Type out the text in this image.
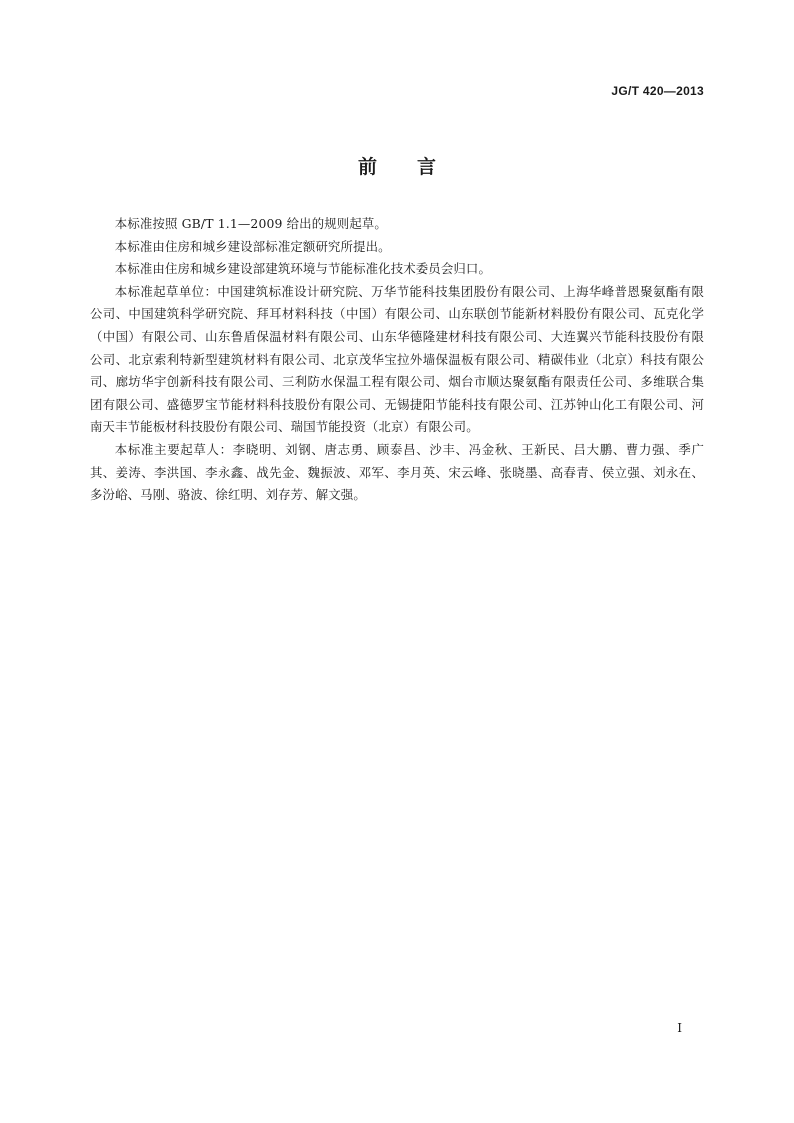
JG/T 420—2013
前言

本标准按照 GB/T 1.1—2009 给出的规则起草。

本标准由住房和城乡建设部标准定额研究所提出。

本标准由住房和城乡建设部建筑环境与节能标准化技术委员会归口。

本标准起草单位：中国建筑标准设计研究院、万华节能科技集团股份有限公司、上海华峰普恩聚氨酯有限公司、中国建筑科学研究院、拜耳材料科技（中国）有限公司、山东联创节能新材料股份有限公司、瓦克化学（中国）有限公司、山东鲁盾保温材料有限公司、山东华德隆建材科技有限公司、大连翼兴节能科技股份有限公司、北京索利特新型建筑材料有限公司、北京茂华宝拉外墙保温板有限公司、精碳伟业（北京）科技有限公司、廊坊华宇创新科技有限公司、三利防水保温工程有限公司、烟台市顺达聚氨酯有限责任公司、多维联合集团有限公司、盛德罗宝节能材料科技股份有限公司、无锡捷阳节能科技有限公司、江苏钟山化工有限公司、河南天丰节能板材科技股份有限公司、瑞国节能投资（北京）有限公司。

本标准主要起草人：李晓明、刘钢、唐志勇、顾泰昌、沙丰、冯金秋、王新民、吕大鹏、曹力强、季广其、姜涛、李洪国、李永鑫、战先金、魏振波、邓军、李月英、宋云峰、张晓墨、高春青、侯立强、刘永在、多汾峪、马刚、骆波、徐红明、刘存芳、解文强。

I
